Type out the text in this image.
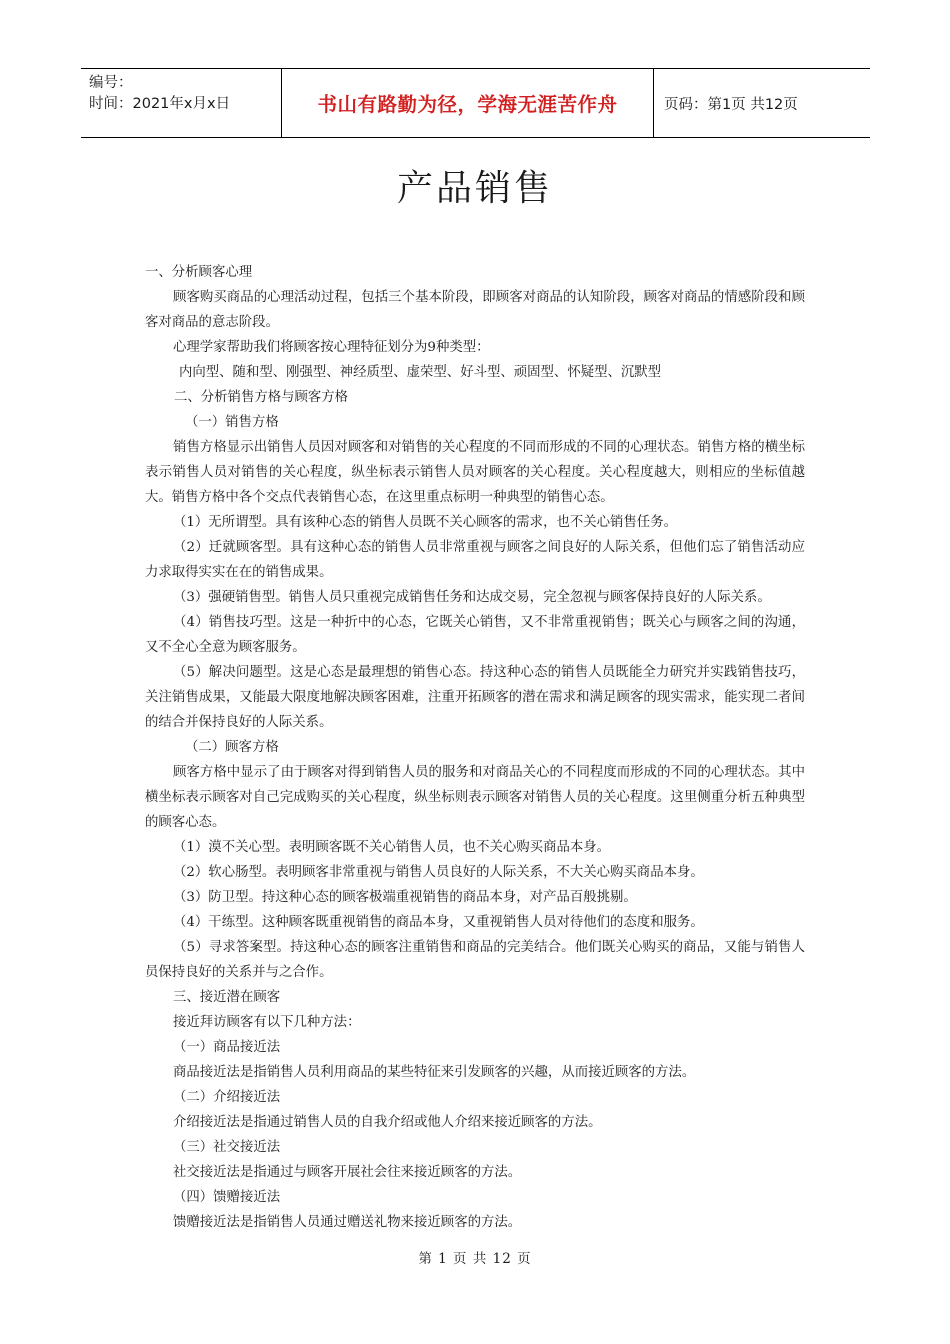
编号：
时间：2021年x月x日	书山有路勤为径，学海无涯苦作舟	页码：第1页 共12页
产品销售

一、分析顾客心理

顾客购买商品的心理活动过程，包括三个基本阶段，即顾客对商品的认知阶段，顾客对商品的情感阶段和顾客对商品的意志阶段。

心理学家帮助我们将顾客按心理特征划分为9种类型：

内向型、随和型、刚强型、神经质型、虚荣型、好斗型、顽固型、怀疑型、沉默型

二、分析销售方格与顾客方格

（一）销售方格

销售方格显示出销售人员因对顾客和对销售的关心程度的不同而形成的不同的心理状态。销售方格的横坐标表示销售人员对销售的关心程度，纵坐标表示销售人员对顾客的关心程度。关心程度越大，则相应的坐标值越大。销售方格中各个交点代表销售心态，在这里重点标明一种典型的销售心态。

（1）无所谓型。具有该种心态的销售人员既不关心顾客的需求，也不关心销售任务。

（2）迁就顾客型。具有这种心态的销售人员非常重视与顾客之间良好的人际关系，但他们忘了销售活动应力求取得实实在在的销售成果。

（3）强硬销售型。销售人员只重视完成销售任务和达成交易，完全忽视与顾客保持良好的人际关系。

（4）销售技巧型。这是一种折中的心态，它既关心销售，又不非常重视销售；既关心与顾客之间的沟通，又不全心全意为顾客服务。

（5）解决问题型。这是心态是最理想的销售心态。持这种心态的销售人员既能全力研究并实践销售技巧，关注销售成果，又能最大限度地解决顾客困难，注重开拓顾客的潜在需求和满足顾客的现实需求，能实现二者间的结合并保持良好的人际关系。

（二）顾客方格

顾客方格中显示了由于顾客对得到销售人员的服务和对商品关心的不同程度而形成的不同的心理状态。其中横坐标表示顾客对自己完成购买的关心程度，纵坐标则表示顾客对销售人员的关心程度。这里侧重分析五种典型的顾客心态。

（1）漠不关心型。表明顾客既不关心销售人员，也不关心购买商品本身。

（2）软心肠型。表明顾客非常重视与销售人员良好的人际关系，不大关心购买商品本身。

（3）防卫型。持这种心态的顾客极端重视销售的商品本身，对产品百般挑剔。

（4）干练型。这种顾客既重视销售的商品本身，又重视销售人员对待他们的态度和服务。

（5）寻求答案型。持这种心态的顾客注重销售和商品的完美结合。他们既关心购买的商品，又能与销售人员保持良好的关系并与之合作。

三、接近潜在顾客

接近拜访顾客有以下几种方法：

（一）商品接近法

商品接近法是指销售人员利用商品的某些特征来引发顾客的兴趣，从而接近顾客的方法。

（二）介绍接近法

介绍接近法是指通过销售人员的自我介绍或他人介绍来接近顾客的方法。

（三）社交接近法

社交接近法是指通过与顾客开展社会往来接近顾客的方法。

（四）馈赠接近法

馈赠接近法是指销售人员通过赠送礼物来接近顾客的方法。

第 1 页 共 12 页
